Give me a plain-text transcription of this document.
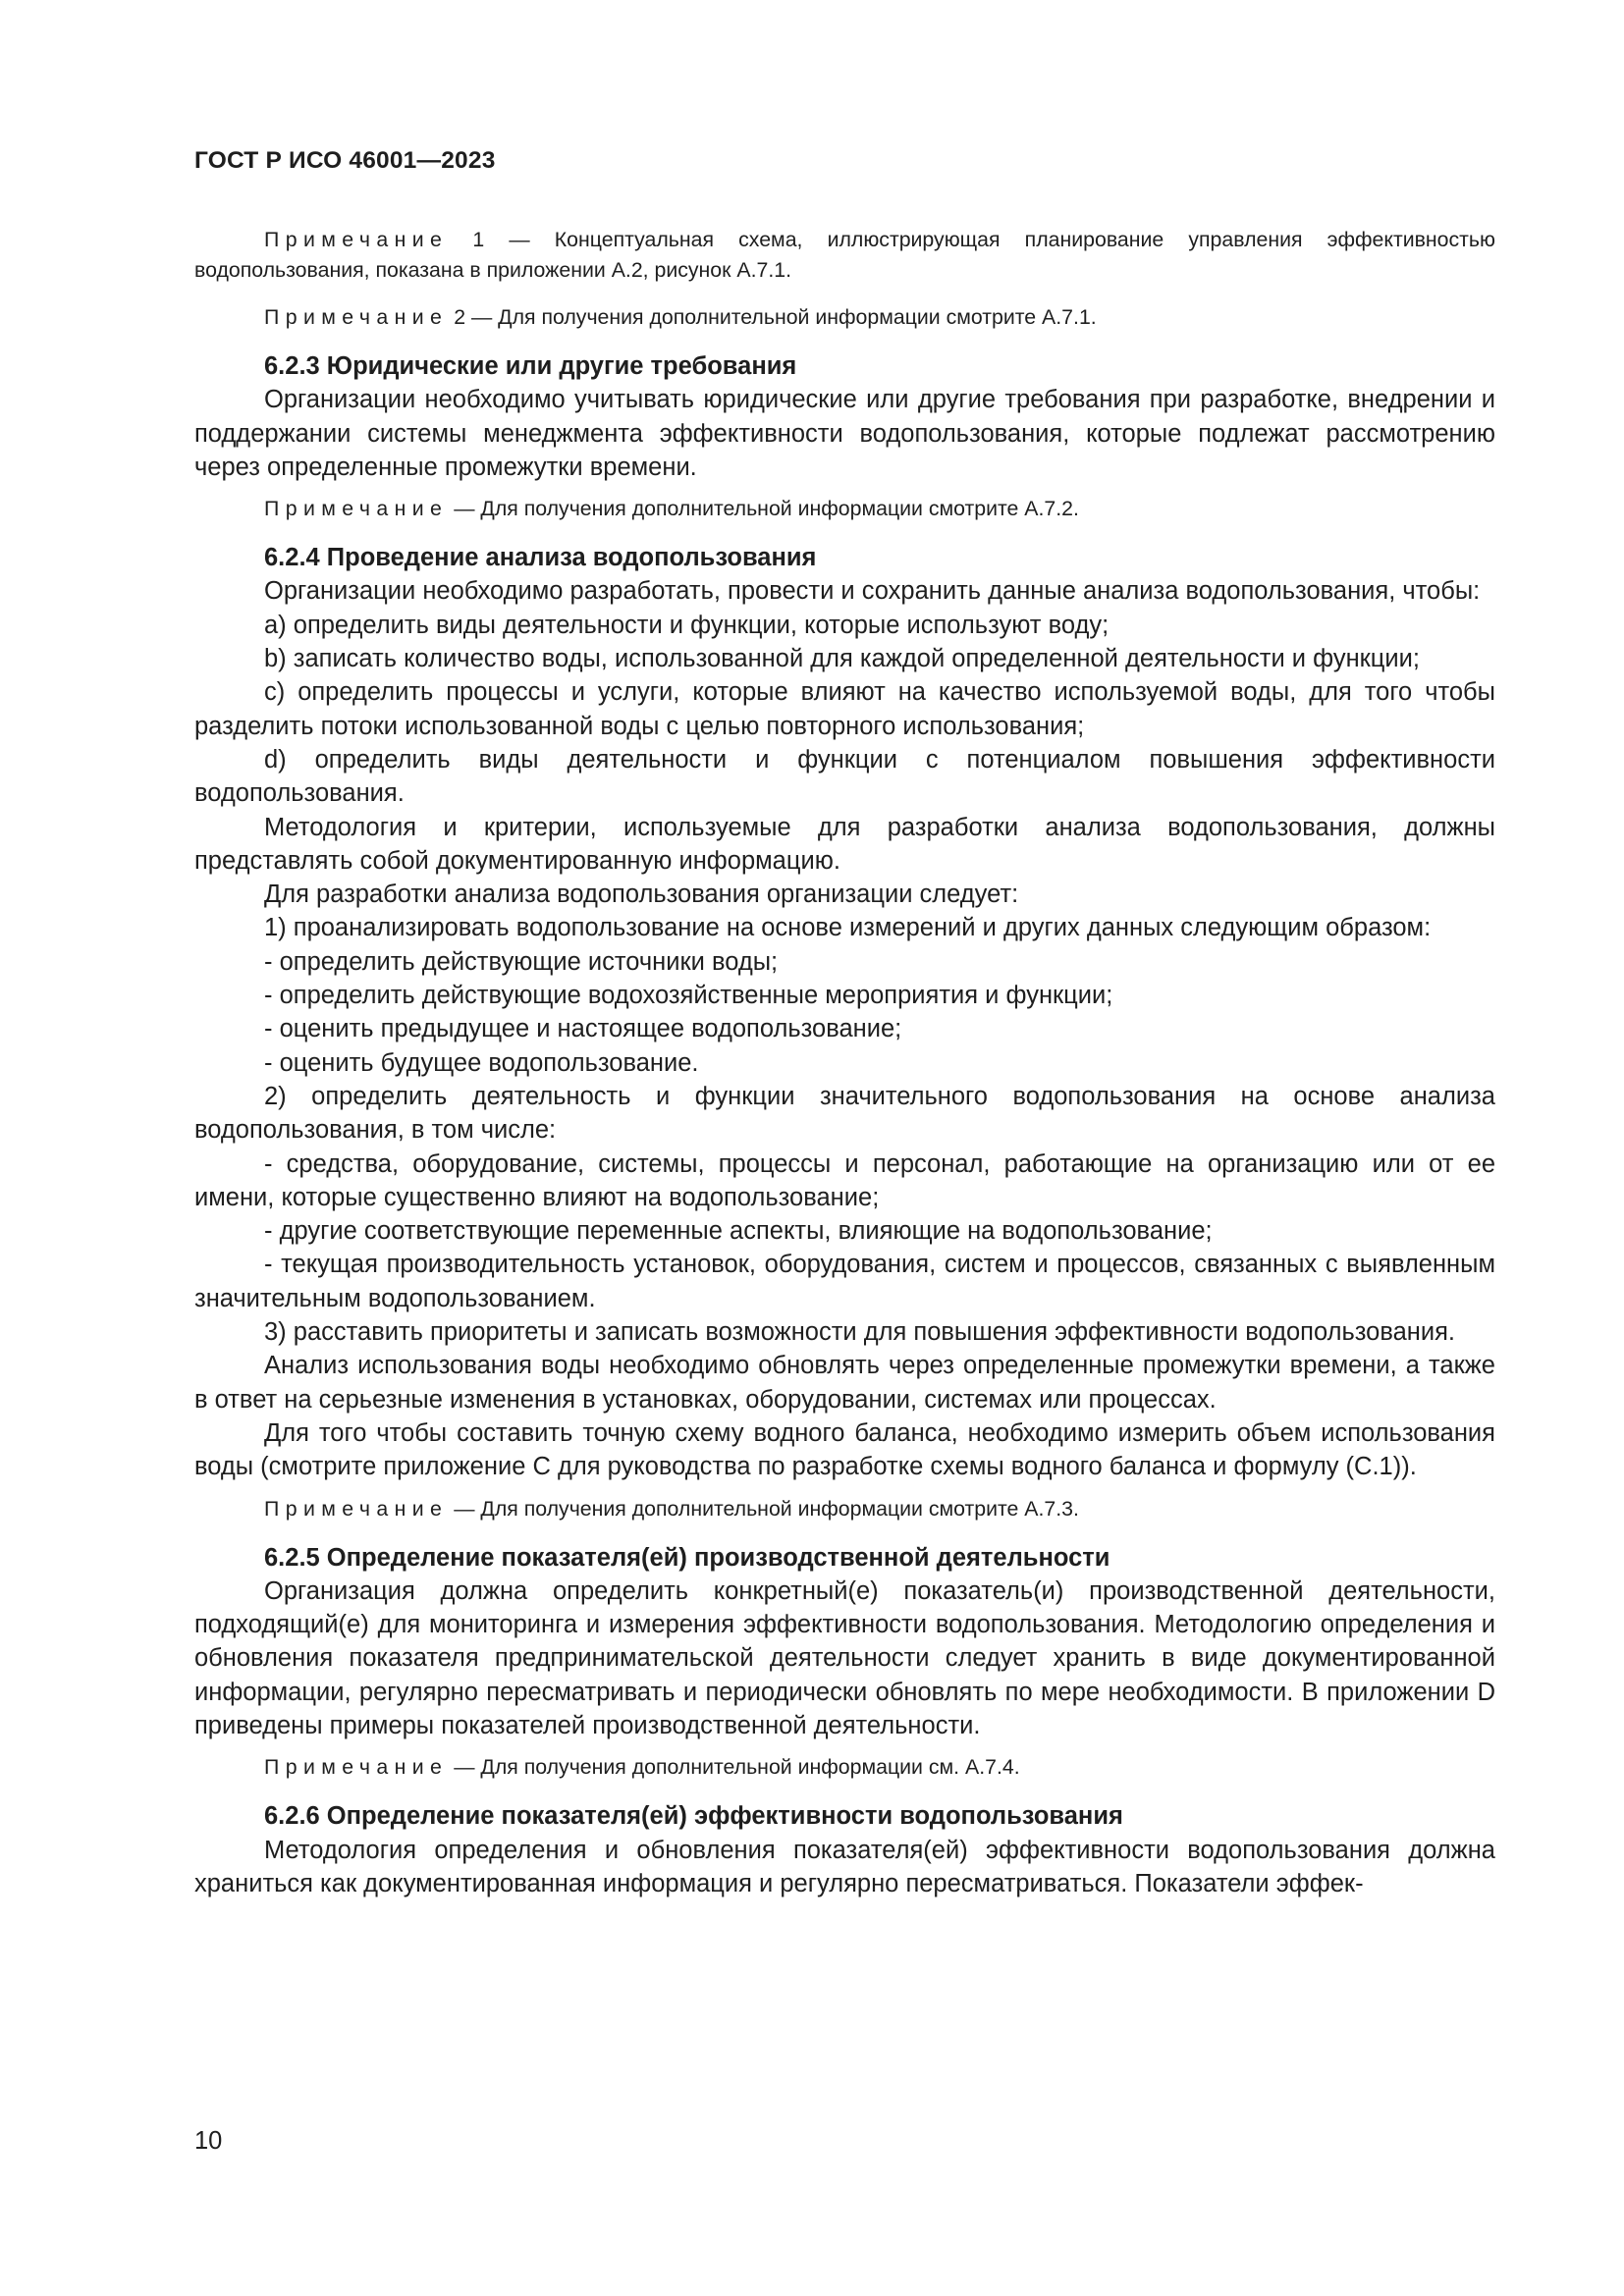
ГОСТ Р ИСО 46001—2023

Примечание 1 — Концептуальная схема, иллюстрирующая планирование управления эффективностью водопользования, показана в приложении А.2, рисунок А.7.1.

Примечание 2 — Для получения дополнительной информации смотрите А.7.1.

6.2.3 Юридические или другие требования

Организации необходимо учитывать юридические или другие требования при разработке, внедрении и поддержании системы менеджмента эффективности водопользования, которые подлежат рассмотрению через определенные промежутки времени.

Примечание — Для получения дополнительной информации смотрите А.7.2.

6.2.4 Проведение анализа водопользования

Организации необходимо разработать, провести и сохранить данные анализа водопользования, чтобы:

a) определить виды деятельности и функции, которые используют воду;

b) записать количество воды, использованной для каждой определенной деятельности и функции;

c) определить процессы и услуги, которые влияют на качество используемой воды, для того чтобы разделить потоки использованной воды с целью повторного использования;

d) определить виды деятельности и функции с потенциалом повышения эффективности водопользования.

Методология и критерии, используемые для разработки анализа водопользования, должны представлять собой документированную информацию.

Для разработки анализа водопользования организации следует:

1) проанализировать водопользование на основе измерений и других данных следующим образом:

- определить действующие источники воды;

- определить действующие водохозяйственные мероприятия и функции;

- оценить предыдущее и настоящее водопользование;

- оценить будущее водопользование.

2) определить деятельность и функции значительного водопользования на основе анализа водопользования, в том числе:

- средства, оборудование, системы, процессы и персонал, работающие на организацию или от ее имени, которые существенно влияют на водопользование;

- другие соответствующие переменные аспекты, влияющие на водопользование;

- текущая производительность установок, оборудования, систем и процессов, связанных с выявленным значительным водопользованием.

3) расставить приоритеты и записать возможности для повышения эффективности водопользования.

Анализ использования воды необходимо обновлять через определенные промежутки времени, а также в ответ на серьезные изменения в установках, оборудовании, системах или процессах.

Для того чтобы составить точную схему водного баланса, необходимо измерить объем использования воды (смотрите приложение С для руководства по разработке схемы водного баланса и формулу (С.1)).

Примечание — Для получения дополнительной информации смотрите А.7.3.

6.2.5 Определение показателя(ей) производственной деятельности

Организация должна определить конкретный(е) показатель(и) производственной деятельности, подходящий(е) для мониторинга и измерения эффективности водопользования. Методологию определения и обновления показателя предпринимательской деятельности следует хранить в виде документированной информации, регулярно пересматривать и периодически обновлять по мере необходимости. В приложении D приведены примеры показателей производственной деятельности.

Примечание — Для получения дополнительной информации см. А.7.4.

6.2.6 Определение показателя(ей) эффективности водопользования

Методология определения и обновления показателя(ей) эффективности водопользования должна храниться как документированная информация и регулярно пересматриваться. Показатели эффек-

10
